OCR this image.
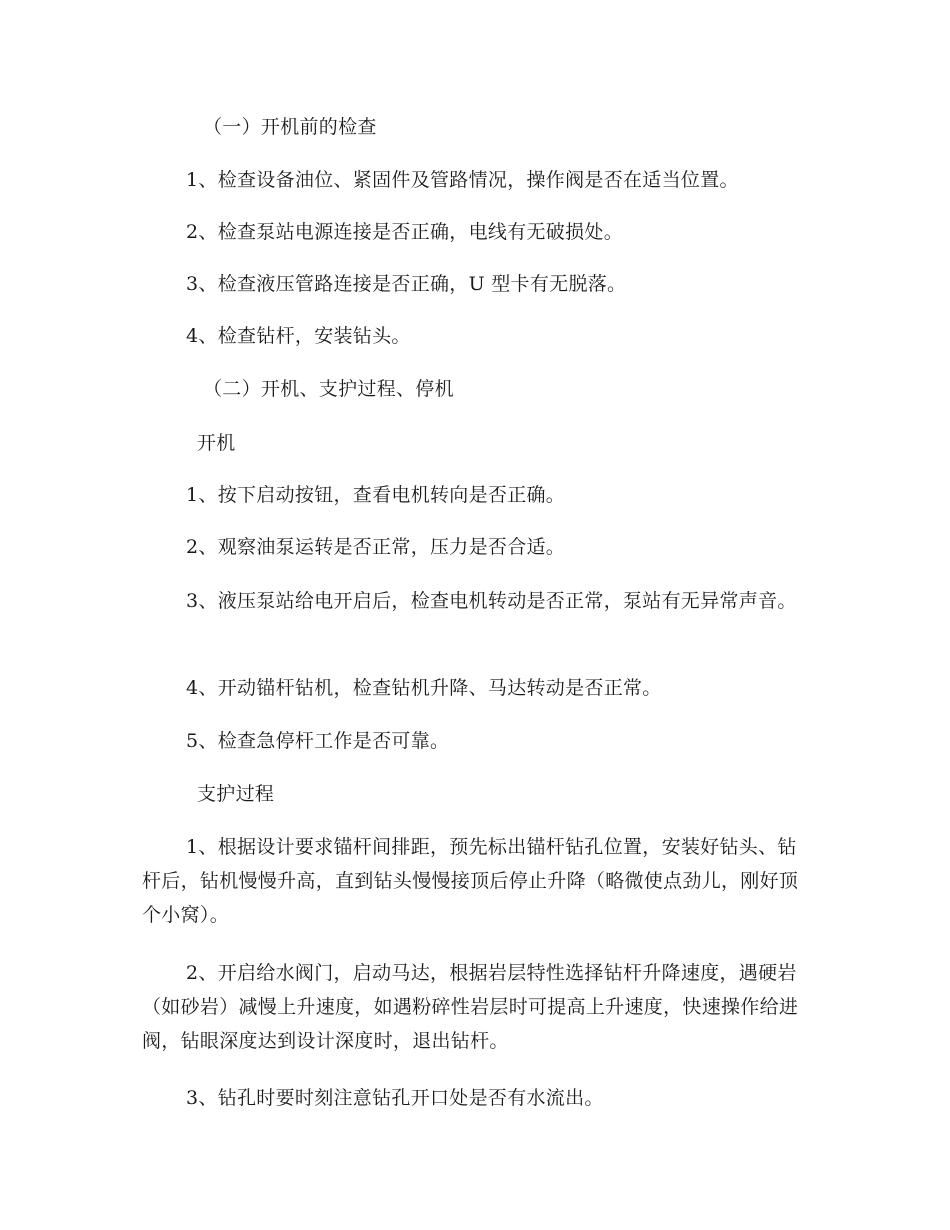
（一）开机前的检查
1、检查设备油位、紧固件及管路情况，操作阀是否在适当位置。
2、检查泵站电源连接是否正确，电线有无破损处。
3、检查液压管路连接是否正确，U 型卡有无脱落。
4、检查钻杆，安装钻头。
（二）开机、支护过程、停机
开机
1、按下启动按钮，查看电机转向是否正确。
2、观察油泵运转是否正常，压力是否合适。
3、液压泵站给电开启后，检查电机转动是否正常，泵站有无异常声音。
4、开动锚杆钻机，检查钻机升降、马达转动是否正常。
5、检查急停杆工作是否可靠。
支护过程
1、根据设计要求锚杆间排距，预先标出锚杆钻孔位置，安装好钻头、钻杆后，钻机慢慢升高，直到钻头慢慢接顶后停止升降（略微使点劲儿，刚好顶个小窝）。
2、开启给水阀门，启动马达，根据岩层特性选择钻杆升降速度，遇硬岩（如砂岩）减慢上升速度，如遇粉碎性岩层时可提高上升速度，快速操作给进阀，钻眼深度达到设计深度时，退出钻杆。
3、钻孔时要时刻注意钻孔开口处是否有水流出。
